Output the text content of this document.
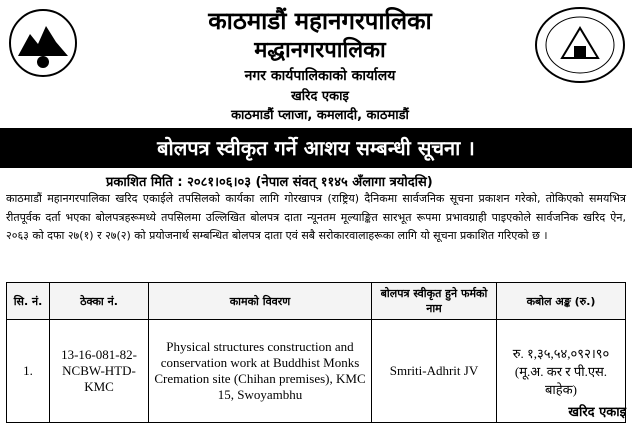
काठमाडौं महानगरपालिका
मद्धानगरपालिका
नगर कार्यपालिकाको कार्यालय
खरिद एकाइ
काठमाडौं प्लाजा, कमलादी, काठमाडौं
बोलपत्र स्वीकृत गर्ने आशय सम्बन्धी सूचना ।
प्रकाशित मिति : २०८१।०६।०३ (नेपाल संवत् ११४५ अँलागा त्रयोदसि)
काठमाडौं महानगरपालिका खरिद एकाईले तपसिलको कार्यका लागि गोरखापत्र (राष्ट्रिय) दैनिकमा सार्वजनिक सूचना प्रकाशन गरेको, तोकिएको समयभित्र रीतपूर्वक दर्ता भएका बोलपत्रहरूमध्ये तपसिलमा उल्लिखित बोलपत्र दाता न्यूनतम मूल्याङ्कित सारभूत रूपमा प्रभावग्राही पाइएकोले सार्वजनिक खरिद ऐन, २०६३ को दफा २७(१) र २७(२) को प्रयोजनार्थ सम्बन्धित बोलपत्र दाता एवं सबै सरोकारवालाहरूका लागि यो सूचना प्रकाशित गरिएको छ ।
सि. नं.	ठेक्का नं.	कामको विवरण	बोलपत्र स्वीकृत हुने फर्मको नाम	कबोल अङ्क (रु.)
1.	13-16-081-82-NCBW-HTD-KMC	Physical structures construction and conservation work at Buddhist Monks Cremation site (Chihan premises), KMC 15, Swoyambhu	Smriti-Adhrit JV	रु. १,३५,५४,०९२।९०
(मू.अ. कर र पी.एस. बाहेक)
खरिद एकाइ
